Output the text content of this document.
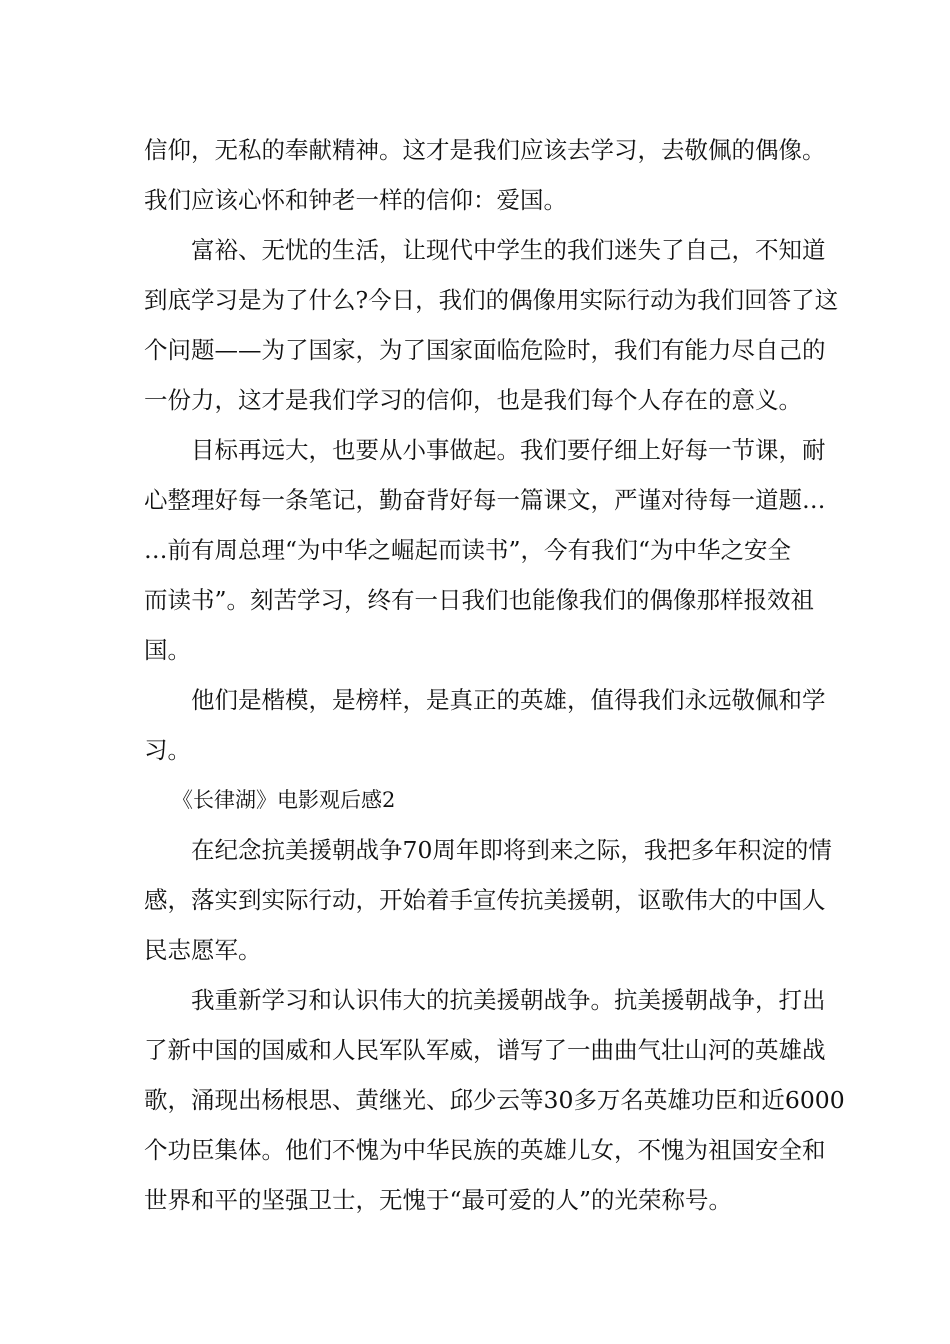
信仰，无私的奉献精神。这才是我们应该去学习，去敬佩的偶像。
我们应该心怀和钟老一样的信仰：爱国。
富裕、无忧的生活，让现代中学生的我们迷失了自己，不知道
到底学习是为了什么?今日，我们的偶像用实际行动为我们回答了这
个问题——为了国家，为了国家面临危险时，我们有能力尽自己的
一份力，这才是我们学习的信仰，也是我们每个人存在的意义。
目标再远大，也要从小事做起。我们要仔细上好每一节课，耐
心整理好每一条笔记，勤奋背好每一篇课文，严谨对待每一道题…
…前有周总理“为中华之崛起而读书”，今有我们“为中华之安全
而读书”。刻苦学习，终有一日我们也能像我们的偶像那样报效祖
国。
他们是楷模，是榜样，是真正的英雄，值得我们永远敬佩和学
习。
《长律湖》电影观后感2
在纪念抗美援朝战争70周年即将到来之际，我把多年积淀的情
感，落实到实际行动，开始着手宣传抗美援朝，讴歌伟大的中国人
民志愿军。
我重新学习和认识伟大的抗美援朝战争。抗美援朝战争，打出
了新中国的国威和人民军队军威，谱写了一曲曲气壮山河的英雄战
歌，涌现出杨根思、黄继光、邱少云等30多万名英雄功臣和近6000
个功臣集体。他们不愧为中华民族的英雄儿女，不愧为祖国安全和
世界和平的坚强卫士，无愧于“最可爱的人”的光荣称号。
